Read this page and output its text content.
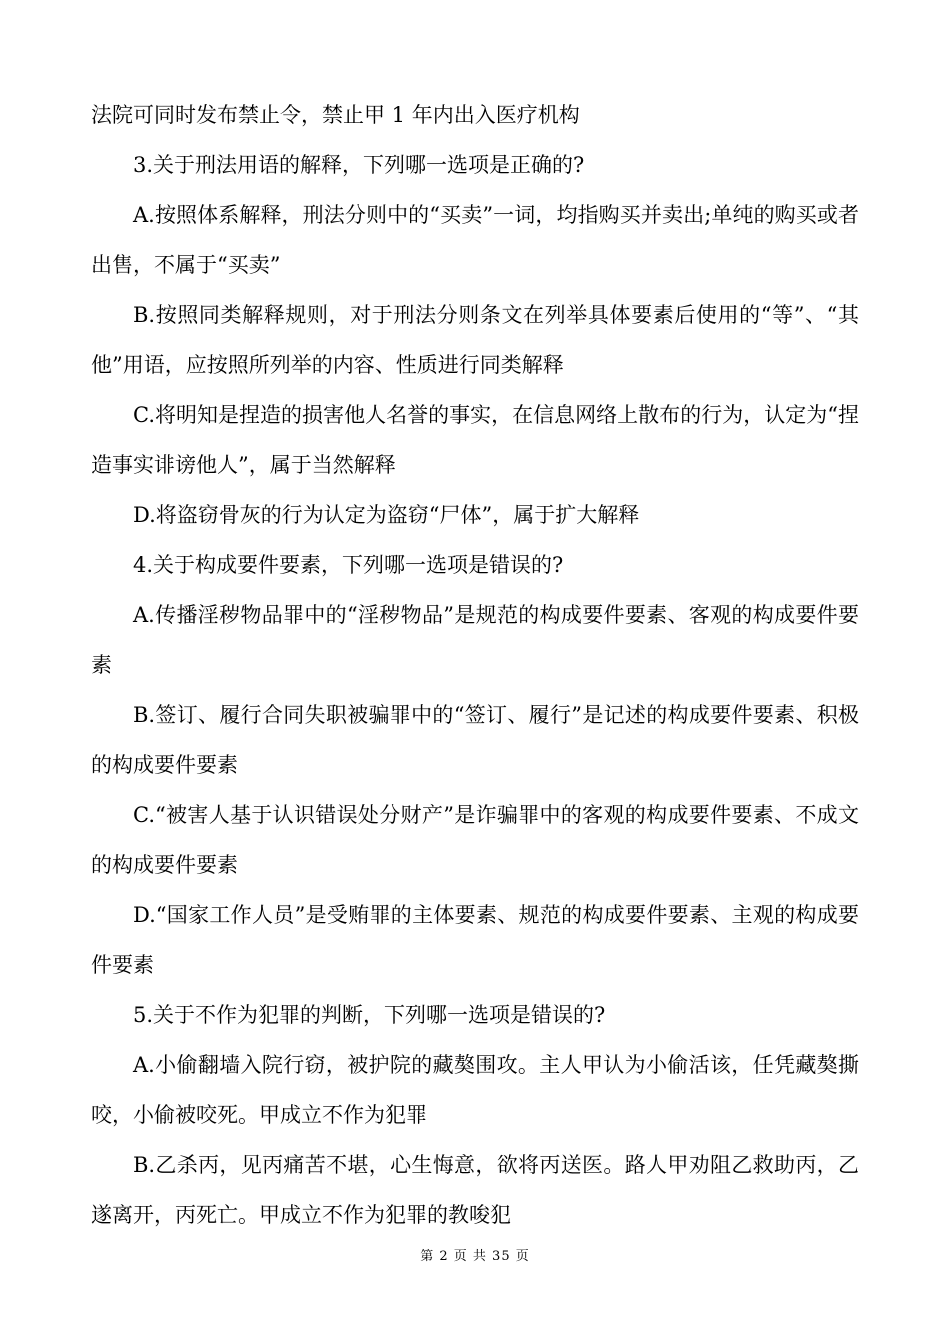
法院可同时发布禁止令，禁止甲 1 年内出入医疗机构

3.关于刑法用语的解释，下列哪一选项是正确的?

A.按照体系解释，刑法分则中的“买卖”一词，均指购买并卖出;单纯的购买或者出售，不属于“买卖”

B.按照同类解释规则，对于刑法分则条文在列举具体要素后使用的“等”、“其他”用语，应按照所列举的内容、性质进行同类解释

C.将明知是捏造的损害他人名誉的事实，在信息网络上散布的行为，认定为“捏造事实诽谤他人”，属于当然解释

D.将盗窃骨灰的行为认定为盗窃“尸体”，属于扩大解释

4.关于构成要件要素，下列哪一选项是错误的?

A.传播淫秽物品罪中的“淫秽物品”是规范的构成要件要素、客观的构成要件要素

B.签订、履行合同失职被骗罪中的“签订、履行”是记述的构成要件要素、积极的构成要件要素

C.“被害人基于认识错误处分财产”是诈骗罪中的客观的构成要件要素、不成文的构成要件要素

D.“国家工作人员”是受贿罪的主体要素、规范的构成要件要素、主观的构成要件要素

5.关于不作为犯罪的判断，下列哪一选项是错误的?

A.小偷翻墙入院行窃，被护院的藏獒围攻。主人甲认为小偷活该，任凭藏獒撕咬，小偷被咬死。甲成立不作为犯罪

B.乙杀丙，见丙痛苦不堪，心生悔意，欲将丙送医。路人甲劝阻乙救助丙，乙遂离开，丙死亡。甲成立不作为犯罪的教唆犯

第 2 页 共 35 页
